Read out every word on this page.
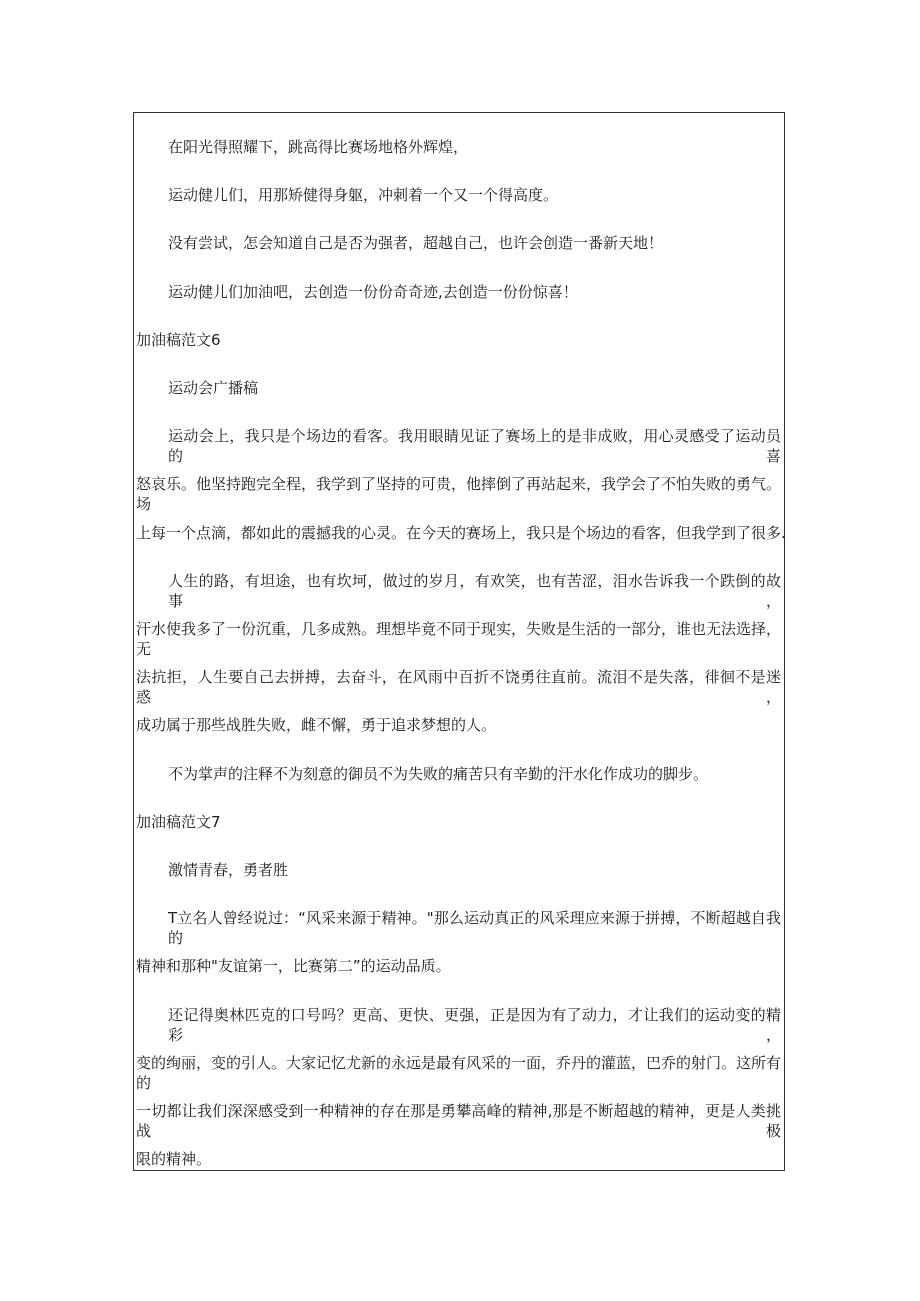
在阳光得照耀下，跳高得比赛场地格外辉煌，
运动健儿们，用那矫健得身躯，冲刺着一个又一个得高度。
没有尝试，怎会知道自己是否为强者，超越自己，也许会创造一番新天地！
运动健儿们加油吧，去创造一份份奇奇迹,去创造一份份惊喜！
加油稿范文6
运动会广播稿
运动会上，我只是个场边的看客。我用眼睛见证了赛场上的是非成败，用心灵感受了运动员的喜
怒哀乐。他坚持跑完全程，我学到了坚持的可贵，他摔倒了再站起来，我学会了不怕失败的勇气。场
上每一个点滴，都如此的震撼我的心灵。在今天的赛场上，我只是个场边的看客，但我学到了很多.
人生的路，有坦途，也有坎坷，做过的岁月，有欢笑，也有苦涩，泪水告诉我一个跌倒的故事，
汗水使我多了一份沉重，几多成熟。理想毕竟不同于现实，失败是生活的一部分，谁也无法选择，无
法抗拒，人生要自己去拼搏，去奋斗，在风雨中百折不饶勇往直前。流泪不是失落，徘徊不是迷惑，
成功属于那些战胜失败，雌不懈，勇于追求梦想的人。
不为掌声的注释不为刻意的御员不为失败的痛苦只有辛勤的汗水化作成功的脚步。
加油稿范文7
激情青春，勇者胜
T立名人曾经说过：“风采来源于精神。"那么运动真正的风采理应来源于拼搏，不断超越自我的
精神和那种"友谊第一，比赛第二”的运动品质。
还记得奥林匹克的口号吗？更高、更快、更强，正是因为有了动力，才让我们的运动变的精彩，
变的绚丽，变的引人。大家记忆尤新的永远是最有风采的一面，乔丹的灌蓝，巴乔的射门。这所有的
一切都让我们深深感受到一种精神的存在那是勇攀高峰的精神,那是不断超越的精神，更是人类挑战极
限的精神。
